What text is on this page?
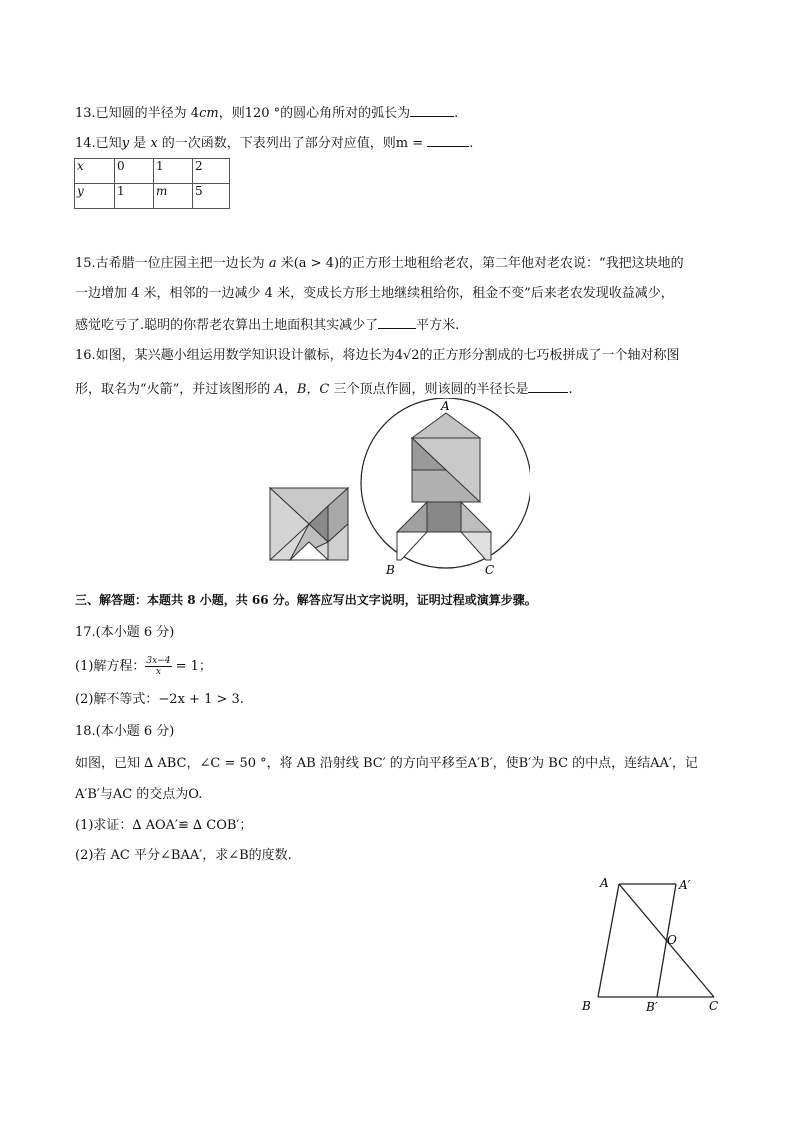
13.已知圆的半径为 4cm，则120 °的圆心角所对的弧长为	.
14.已知y 是 x 的一次函数，下表列出了部分对应值，则m =	.
x	0	1	2
y	1	m	5
15.古希腊一位庄园主把一边长为 a 米(a > 4)的正方形土地租给老农，第二年他对老农说：“我把这块地的
一边增加 4 米，相邻的一边减少 4 米，变成长方形土地继续租给你，租金不变”后来老农发现收益减少，
感觉吃亏了.聪明的你帮老农算出土地面积其实减少了	平方米.
16.如图，某兴趣小组运用数学知识设计徽标，将边长为4√2的正方形分割成的七巧板拼成了一个轴对称图
形，取名为“火箭”，并过该图形的 A，B，C 三个顶点作圆，则该圆的半径长是	.
A
B	C
三、解答题：本题共 8 小题，共 66 分。解答应写出文字说明，证明过程或演算步骤。
17.(本小题 6 分)
(1)解方程： $\frac{3x-4}{x} = 1$；
(2)解不等式：−2x + 1 > 3.
18.(本小题 6 分)
如图，已知 ∆ ABC，∠C = 50 °，将 AB 沿射线 BC′ 的方向平移至A′B′，使B′为 BC 的中点，连结AA′，记
A′B′与AC 的交点为O.
(1)求证：∆ AOA′≌ ∆ COB′；
(2)若 AC 平分∠BAA′，求∠B的度数.
A	A′
O
B	B′	C
